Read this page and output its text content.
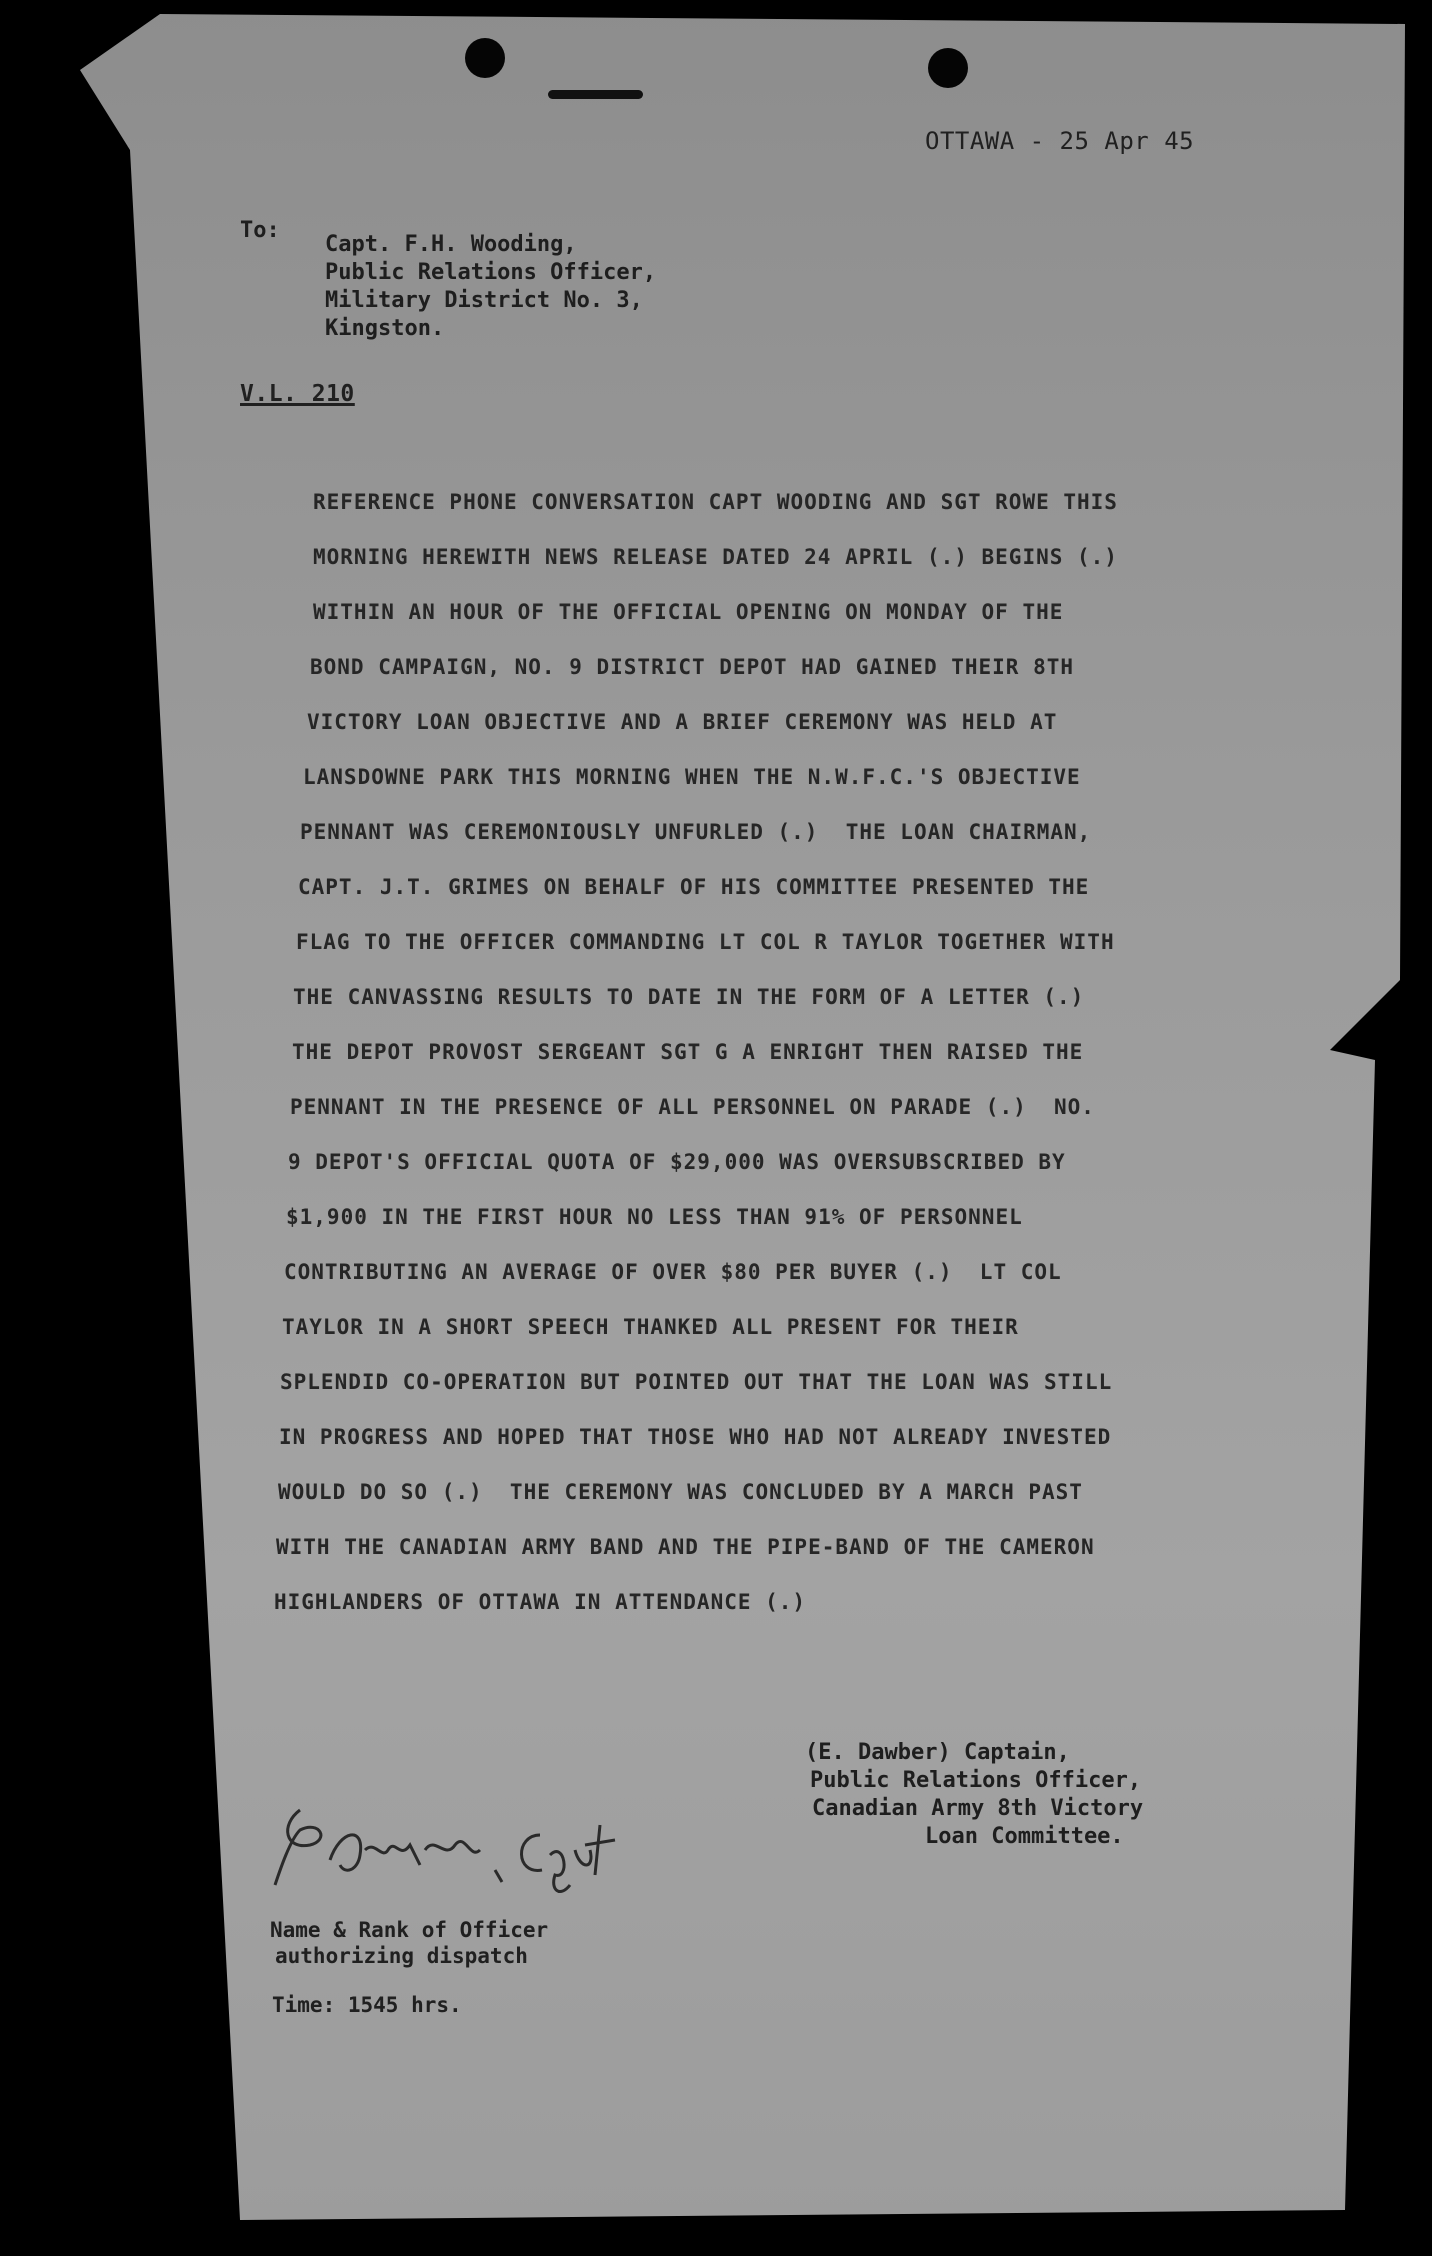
OTTAWA - 25 Apr 45
To:
Capt. F.H. Wooding,
Public Relations Officer,
Military District No. 3,
Kingston.
V.L. 210
REFERENCE PHONE CONVERSATION CAPT WOODING AND SGT ROWE THIS
MORNING HEREWITH NEWS RELEASE DATED 24 APRIL (.) BEGINS (.)
WITHIN AN HOUR OF THE OFFICIAL OPENING ON MONDAY OF THE
BOND CAMPAIGN, NO. 9 DISTRICT DEPOT HAD GAINED THEIR 8TH
VICTORY LOAN OBJECTIVE AND A BRIEF CEREMONY WAS HELD AT
LANSDOWNE PARK THIS MORNING WHEN THE N.W.F.C.'S OBJECTIVE
PENNANT WAS CEREMONIOUSLY UNFURLED (.)  THE LOAN CHAIRMAN,
CAPT. J.T. GRIMES ON BEHALF OF HIS COMMITTEE PRESENTED THE
FLAG TO THE OFFICER COMMANDING LT COL R TAYLOR TOGETHER WITH
THE CANVASSING RESULTS TO DATE IN THE FORM OF A LETTER (.)
THE DEPOT PROVOST SERGEANT SGT G A ENRIGHT THEN RAISED THE
PENNANT IN THE PRESENCE OF ALL PERSONNEL ON PARADE (.)  NO.
9 DEPOT'S OFFICIAL QUOTA OF $29,000 WAS OVERSUBSCRIBED BY
$1,900 IN THE FIRST HOUR NO LESS THAN 91% OF PERSONNEL
CONTRIBUTING AN AVERAGE OF OVER $80 PER BUYER (.)  LT COL
TAYLOR IN A SHORT SPEECH THANKED ALL PRESENT FOR THEIR
SPLENDID CO-OPERATION BUT POINTED OUT THAT THE LOAN WAS STILL
IN PROGRESS AND HOPED THAT THOSE WHO HAD NOT ALREADY INVESTED
WOULD DO SO (.)  THE CEREMONY WAS CONCLUDED BY A MARCH PAST
WITH THE CANADIAN ARMY BAND AND THE PIPE-BAND OF THE CAMERON
HIGHLANDERS OF OTTAWA IN ATTENDANCE (.)
(E. Dawber) Captain,
Public Relations Officer,
Canadian Army 8th Victory
Loan Committee.
Name & Rank of Officer
authorizing dispatch
Time: 1545 hrs.
